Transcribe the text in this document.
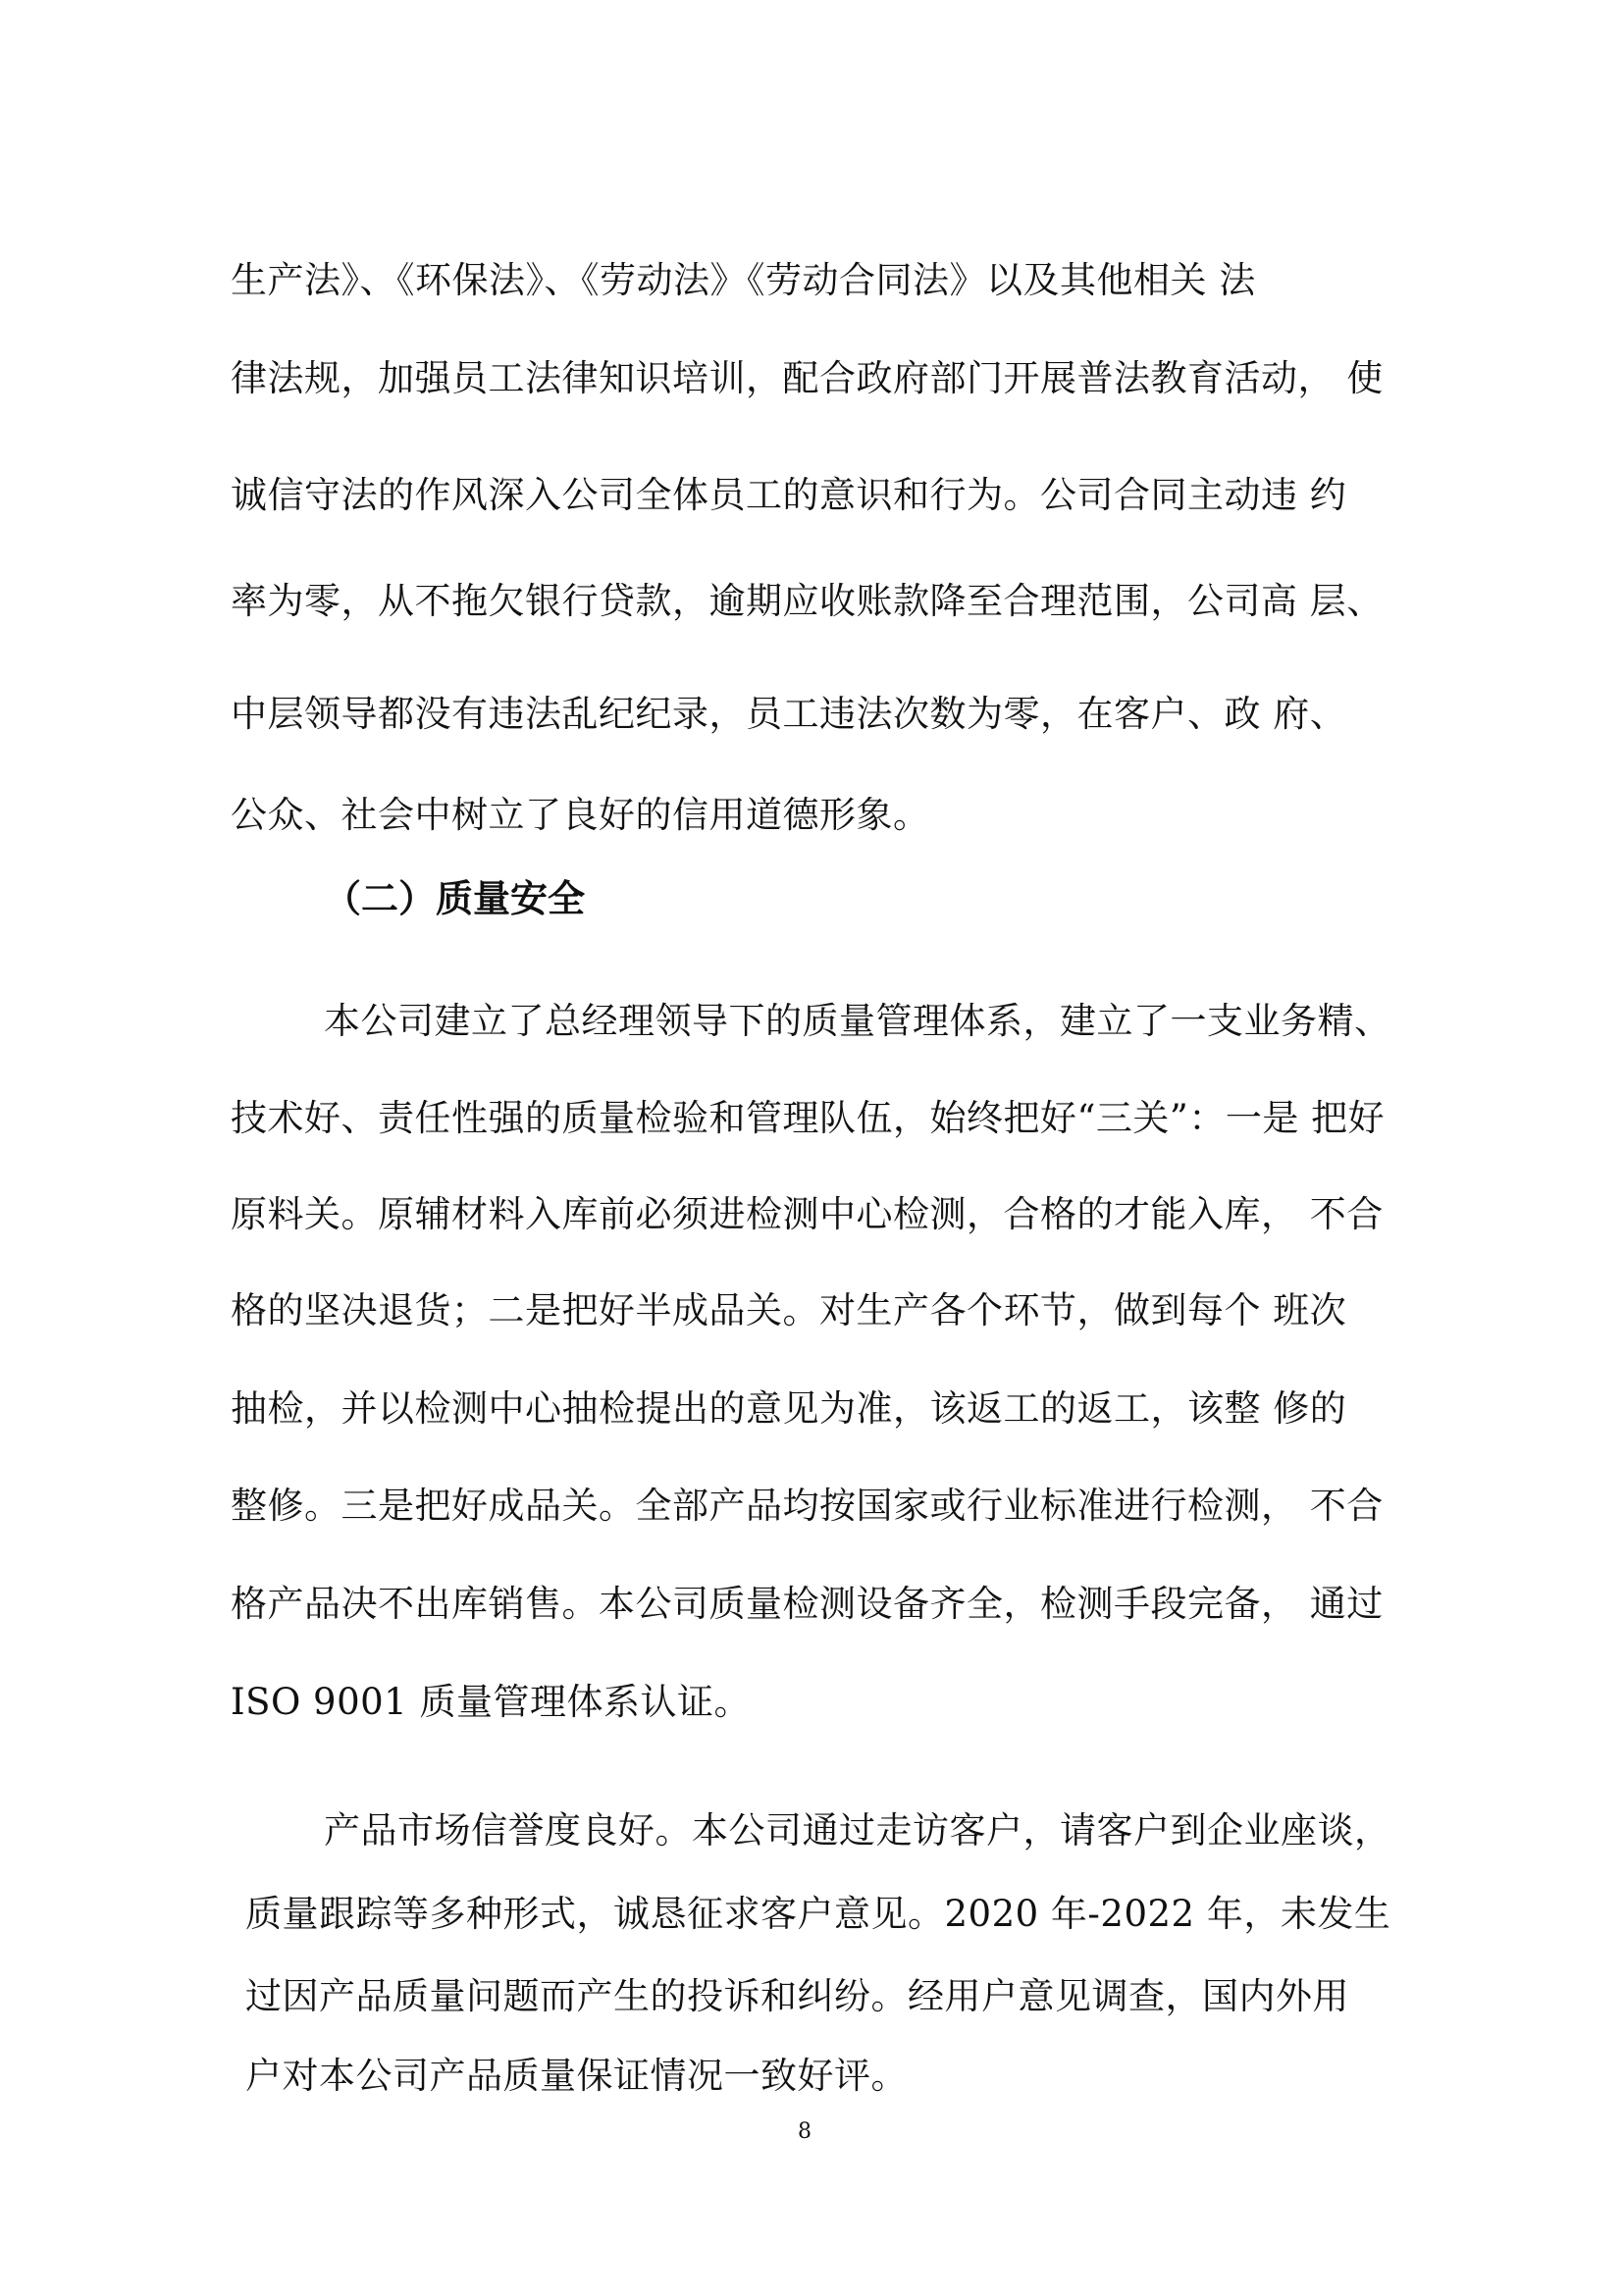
生产法》、《环保法》、《劳动法》《劳动合同法》以及其他相关 法
律法规，加强员工法律知识培训，配合政府部门开展普法教育活动， 使
诚信守法的作风深入公司全体员工的意识和行为。公司合同主动违 约
率为零，从不拖欠银行贷款，逾期应收账款降至合理范围，公司高 层、
中层领导都没有违法乱纪纪录，员工违法次数为零，在客户、政 府、
公众、社会中树立了良好的信用道德形象。
（二）质量安全
本公司建立了总经理领导下的质量管理体系，建立了一支业务精、
技术好、责任性强的质量检验和管理队伍，始终把好“三关”：一是 把好
原料关。原辅材料入库前必须进检测中心检测，合格的才能入库， 不合
格的坚决退货；二是把好半成品关。对生产各个环节，做到每个 班次
抽检，并以检测中心抽检提出的意见为准，该返工的返工，该整 修的
整修。三是把好成品关。全部产品均按国家或行业标准进行检测， 不合
格产品决不出库销售。本公司质量检测设备齐全，检测手段完备， 通过
ISO 9001 质量管理体系认证。
产品市场信誉度良好。本公司通过走访客户，请客户到企业座谈，
质量跟踪等多种形式，诚恳征求客户意见。2020 年-2022 年，未发生
过因产品质量问题而产生的投诉和纠纷。经用户意见调查，国内外用
户对本公司产品质量保证情况一致好评。
8
